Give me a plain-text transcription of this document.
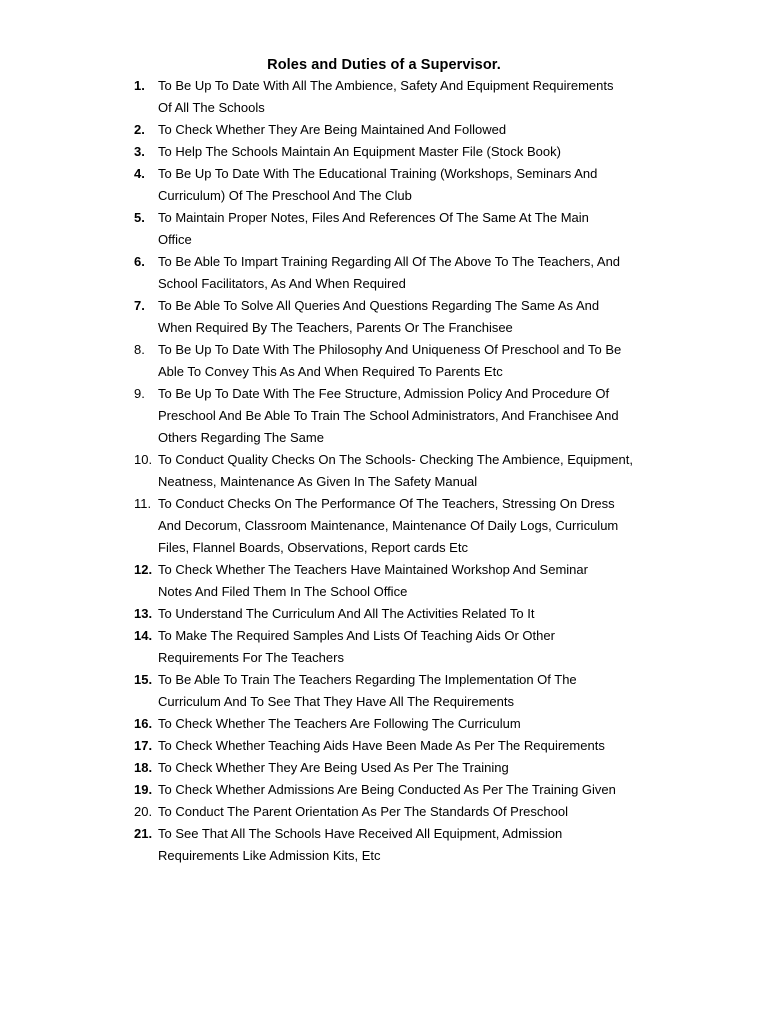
Roles and Duties of a Supervisor.
1.	To Be Up To Date With All The Ambience, Safety And Equipment Requirements
Of All The Schools
2.	To Check Whether They Are Being Maintained And Followed
3.	To Help The Schools Maintain An Equipment Master File (Stock Book)
4.	To Be Up To Date With The Educational Training (Workshops, Seminars And
Curriculum) Of The Preschool And The Club
5.	To Maintain Proper Notes, Files And References Of The Same At The Main
Office
6.	To Be Able To Impart Training Regarding All Of The Above To The Teachers, And
School Facilitators, As And When Required
7.	To Be Able To Solve All Queries And Questions Regarding The Same As And
When Required By The Teachers, Parents Or The Franchisee
8.	To Be Up To Date With The Philosophy And Uniqueness Of Preschool and To Be
Able To Convey This As And When Required To Parents Etc
9.	To Be Up To Date With The Fee Structure, Admission Policy And Procedure Of
Preschool And Be Able To Train The School Administrators, And Franchisee And
Others Regarding The Same
10. To Conduct Quality Checks On The Schools- Checking The Ambience, Equipment,
Neatness, Maintenance As Given In The Safety Manual
11. To Conduct Checks On The Performance Of The Teachers, Stressing On Dress
And Decorum, Classroom Maintenance, Maintenance Of Daily Logs, Curriculum
Files, Flannel Boards, Observations, Report cards Etc
12. To Check Whether The Teachers Have Maintained Workshop And Seminar
Notes And Filed Them In The School Office
13. To Understand The Curriculum And All The Activities Related To It
14. To Make The Required Samples And Lists Of Teaching Aids Or Other
Requirements For The Teachers
15. To Be Able To Train The Teachers Regarding The Implementation Of The
Curriculum And To See That They Have All The Requirements
16. To Check Whether The Teachers Are Following The Curriculum
17. To Check Whether Teaching Aids Have Been Made As Per The Requirements
18. To Check Whether They Are Being Used As Per The Training
19. To Check Whether Admissions Are Being Conducted As Per The Training Given
20. To Conduct The Parent Orientation As Per The Standards Of Preschool
21. To See That All The Schools Have Received All Equipment, Admission
Requirements Like Admission Kits, Etc
